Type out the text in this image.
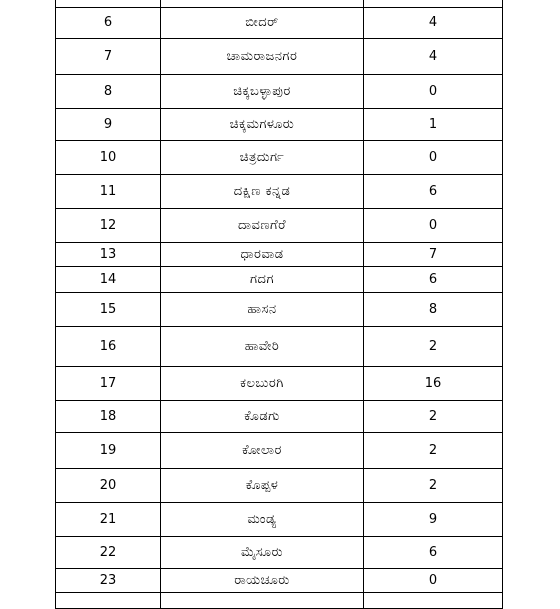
6	ಬೀದರ್	4
7	ಚಾಮರಾಜನಗರ	4
8	ಚಿಕ್ಕಬಳ್ಳಾಪುರ	0
9	ಚಿಕ್ಕಮಗಳೂರು	1
10	ಚಿತ್ರದುರ್ಗ	0
11	ದಕ್ಷಿಣ ಕನ್ನಡ	6
12	ದಾವಣಗೆರೆ	0
13	ಧಾರವಾಡ	7
14	ಗದಗ	6
15	ಹಾಸನ	8
16	ಹಾವೇರಿ	2
17	ಕಲಬುರಗಿ	16
18	ಕೊಡಗು	2
19	ಕೋಲಾರ	2
20	ಕೊಪ್ಪಳ	2
21	ಮಂಡ್ಯ	9
22	ಮೈಸೂರು	6
23	ರಾಯಚೂರು	0
